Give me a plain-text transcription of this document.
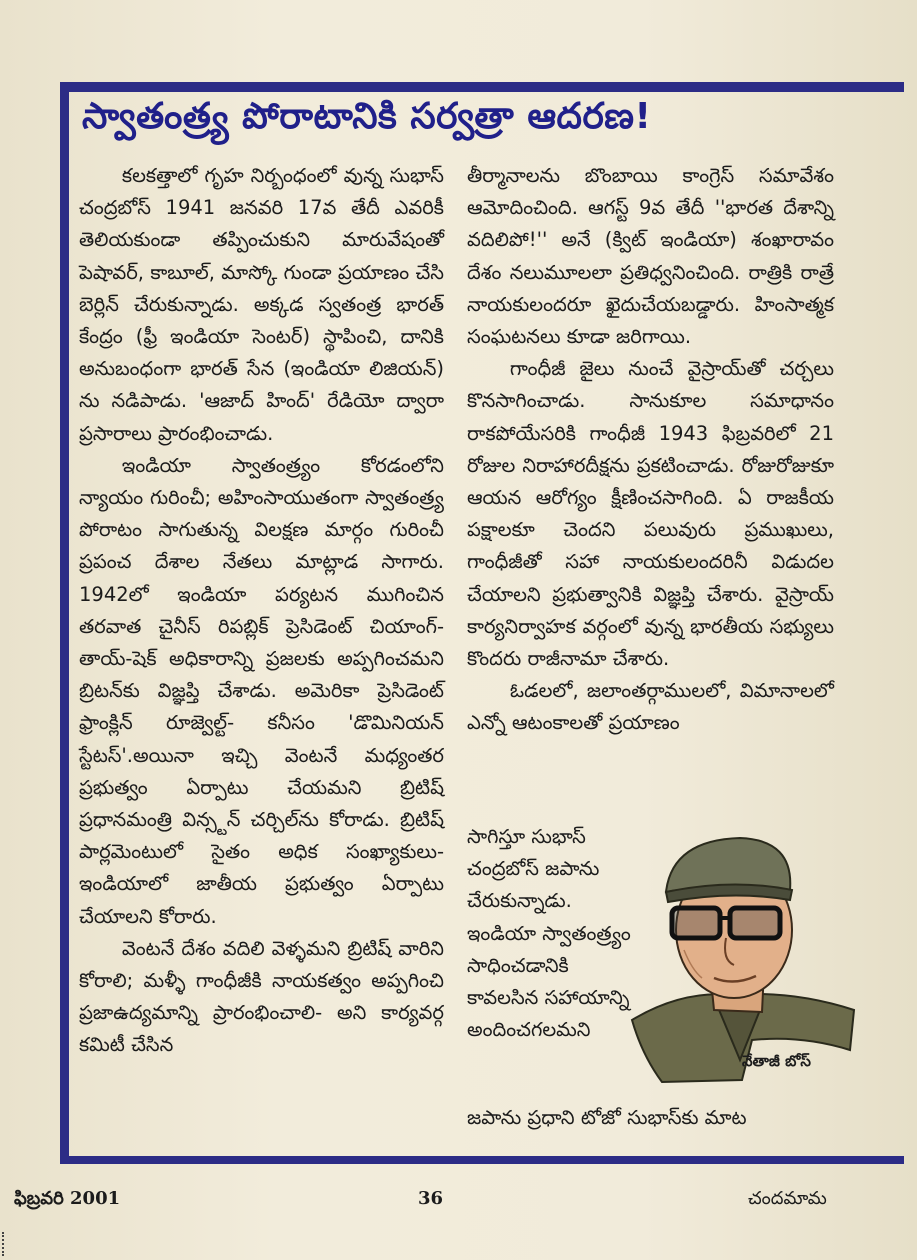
స్వాతంత్ర్య పోరాటానికి సర్వత్రా ఆదరణ!

కలకత్తాలో గృహ నిర్బంధంలో వున్న సుభాస్ చంద్రబోస్ 1941 జనవరి 17వ తేదీ ఎవరికీ తెలియకుండా తప్పించుకుని మారువేషంతో పెషావర్, కాబూల్, మాస్కో గుండా ప్రయాణం చేసి బెర్లిన్ చేరుకున్నాడు. అక్కడ స్వతంత్ర భారత్ కేంద్రం (ఫ్రీ ఇండియా సెంటర్) స్థాపించి, దానికి అనుబంధంగా భారత్ సేన (ఇండియా లిజియన్) ను నడిపాడు. 'ఆజాద్ హింద్' రేడియో ద్వారా ప్రసారాలు ప్రారంభించాడు.

ఇండియా స్వాతంత్ర్యం కోరడంలోని న్యాయం గురించీ; అహింసాయుతంగా స్వాతంత్ర్య పోరాటం సాగుతున్న విలక్షణ మార్గం గురించీ ప్రపంచ దేశాల నేతలు మాట్లాడ సాగారు. 1942లో ఇండియా పర్యటన ముగించిన తరవాత చైనీస్ రిపబ్లిక్ ప్రెసిడెంట్ చియాంగ్-తాయ్-షెక్ అధికారాన్ని ప్రజలకు అప్పగించమని బ్రిటన్‌కు విజ్ఞప్తి చేశాడు. అమెరికా ప్రెసిడెంట్ ఫ్రాంక్లిన్ రూజ్వెల్ట్- కనీసం 'డొమినియన్ స్టేటస్'.అయినా ఇచ్చి వెంటనే మధ్యంతర ప్రభుత్వం ఏర్పాటు చేయమని బ్రిటిష్ ప్రధానమంత్రి విన్స్టన్ చర్చిల్‌ను కోరాడు. బ్రిటిష్ పార్లమెంటులో సైతం అధిక సంఖ్యాకులు- ఇండియాలో జాతీయ ప్రభుత్వం ఏర్పాటు చేయాలని కోరారు.

వెంటనే దేశం వదిలి వెళ్ళమని బ్రిటిష్ వారిని కోరాలి; మళ్ళీ గాంధీజీకి నాయకత్వం అప్పగించి ప్రజాఉద్యమాన్ని ప్రారంభించాలి- అని కార్యవర్గ కమిటీ చేసిన

తీర్మానాలను బొంబాయి కాంగ్రెస్ సమావేశం ఆమోదించింది. ఆగస్ట్ 9వ తేదీ ''భారత దేశాన్ని వదిలిపో!'' అనే (క్విట్ ఇండియా) శంఖారావం దేశం నలుమూలలా ప్రతిధ్వనించింది. రాత్రికి రాత్రే నాయకులందరూ ఖైదుచేయబడ్డారు. హింసాత్మక సంఘటనలు కూడా జరిగాయి.

గాంధీజీ జైలు నుంచే వైస్రాయ్‌తో చర్చలు కొనసాగించాడు. సానుకూల సమాధానం రాకపోయేసరికి గాంధీజీ 1943 ఫిబ్రవరిలో 21 రోజుల నిరాహారదీక్షను ప్రకటించాడు. రోజురోజుకూ ఆయన ఆరోగ్యం క్షీణించసాగింది. ఏ రాజకీయ పక్షాలకూ చెందని పలువురు ప్రముఖులు, గాంధీజీతో సహా నాయకులందరినీ విడుదల చేయాలని ప్రభుత్వానికి విజ్ఞప్తి చేశారు. వైస్రాయ్ కార్యనిర్వాహక వర్గంలో వున్న భారతీయ సభ్యులు కొందరు రాజీనామా చేశారు.

ఓడలలో, జలాంతర్గాములలో, విమానాలలో ఎన్నో ఆటంకాలతో ప్రయాణం

సాగిస్తూ సుభాస్ చంద్రబోస్ జపాను చేరుకున్నాడు. ఇండియా స్వాతంత్ర్యం సాధించడానికి కావలసిన సహాయాన్ని అందించగలమని
నేతాజీ బోస్
జపాను ప్రధాని టోజో సుభాస్‌కు మాట
ఫిబ్రవరి 2001	36	చందమామ
